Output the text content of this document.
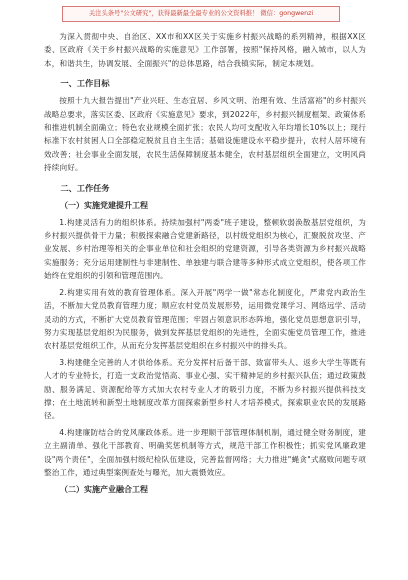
关注头条号"公文研究"，获得最新最全最专业的公文资料推！ 微信：gongwenzi

为深入贯彻中央、自治区、XX市和XX区关于实施乡村振兴战略的系列精神，根据XX区委、区政府《关于乡村振兴战略的实施意见》工作部署，按照"保持风格，融入城市，以人为本，和谐共生，协调发展、全面振兴"的总体思路，结合我镇实际，制定本规划。

一、工作目标

按照十九大报告提出"产业兴旺、生态宜居、乡风文明、治理有效、生活富裕"的乡村振兴战略总要求，落实区委、区政府《实施意见》要求，到2022年，乡村振兴制度框架、政策体系和推进机制全面确立；特色农业规模全面扩张；农民人均可支配收入年均增长10%以上；现行标准下农村贫困人口全部稳定脱贫且自主生活；基础设施建设水平稳步提升，农村人居环境有效改善；社会事业全面发展，农民生活保障制度基本健全，农村基层组织全面建立，文明风尚持续向好。

二、工作任务
（一）实施党建提升工程

1.构建灵活有力的组织体系。持续加强村"两委"班子建设，整顿软弱涣散基层党组织，为乡村振兴提供骨干力量；积极探索融合党建新路径，以村级党组织为核心，汇聚脱贫攻坚、产业发展、乡村治理等相关的企事业单位和社会组织的党建资源，引导各类资源为乡村振兴战略实施服务；充分运用建制性与非建制性、单独建与联合建等多种形式成立党组织，使各项工作始终在党组织的引领和管理范围内。

2.构建实用有效的教育管理体系。深入开展"两学一做"常态化制度化，严肃党内政治生活，不断加大党员教育管理力度；顺应农村党员发展形势，运用微党课学习、网络远学、活动灵动的方式，不断扩大党员教育管理范围；牢固占领意识形态阵地，强化党员思想意识引导，努力实现基层党组织为民服务，做到发挥基层党组织的先进性，全面实施党员管理工作，推进农村基层党组织工作，从而充分发挥基层党组织在乡村振兴中的排头兵。

3.构建健全完善的人才供给体系。充分发挥村后备干部、致富带头人、返乡大学生等既有人才的专业特长，打造一支政治觉悟高、事业心强、实干精神足的乡村振兴队伍；通过政策鼓励、服务满足、资源配给等方式加大农村专业人才的吸引力度，不断为乡村振兴提供科技支撑；在土地流转和新型土地制度改革方面探索新型乡村人才培养模式，探索职业农民的发展路径。

4.构建廉防结合的党风廉政体系。进一步理顺干部管理体制机制，通过健全财务制度，建立主副清单、强化干部教育、明确奖惩机制等方式，规范干部工作积极性；抓实党风廉政建设"两个责任"，全面加强村级纪检队伍建设，完善监督网络；大力推进"蝇贪"式腐败问题专项整治工作，通过典型案例查处与曝光，加大震慑效应。

（二）实施产业融合工程
